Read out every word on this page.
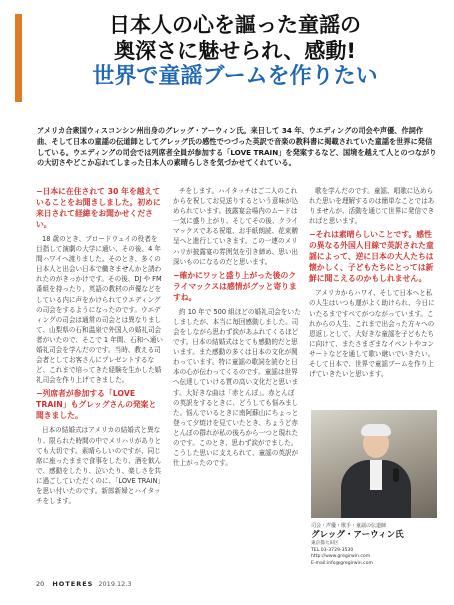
日本人の心を謳った童謡の
奥深さに魅せられ、感動!
世界で童謡ブームを作りたい
アメリカ合衆国ウィスコンシン州出身のグレッグ・アーウィン氏。来日して 34 年、ウエディングの司会や声優、作詞作曲、そして日本の童謡の伝道師としてグレッグ氏の感性でつづった英訳で音楽の教科書に掲載されていた童謡を世界に発信している。ウエディングの司会では列席者全員が参加する「LOVE TRAIN」を発案するなど、国境を越えて人とのつながりの大切さやどこか忘れてしまった日本人の素晴らしさを気づかせてくれている。
−日本に在住されて 30 年を越えていることをお聞きしました。初めに来日されて経緯をお聞かせください。

18 歳のとき、ブロードウェイの役者を目指して演劇の大学に通い、その後、4 年間ハワイへ渡りました。そのとき、多くの日本人と出会い日本で働きませんかと誘われたのがきっかけです。その後、DJ や FM 番組を持ったり、英語の教材の声優などをしている内に声をかけられてウエディングの司会をするようになったのです。ウエディングの司会は通常の司会とは異なりまして、山梨県の石和温泉で外国人の婚礼司会者がいたので、そこで 1 年間、石和へ通い婚礼司会を学んだのです。当時、教える司会者としてお客さんにプレゼントするなど、これまで培ってきた経験を生かした婚礼司会を作り上げてきました。

−列席者が参加する「LOVE TRAIN」もグレッグさんの発案と聞きました。

日本の結婚式はアメリカの結婚式と異なり、限られた時間の中でメリハリがありとても大切です。素晴らしいのですが、同じ席に座ったままで食事をしたり、酒を飲んで、感動をしたり、泣いたり、楽しさを共に過ごしていただくのに、「LOVE TRAIN」を思い付いたのです。新郎新婦とハイタッチをします。

チをします。ハイタッチはご二人のこれからを祝してお見送りするという意味が込められています。披露宴会場内のムードは一気に盛り上がり、そしてその後、クライマックスである祝電、お手紙朗読、花束贈呈へと進行していきます。この一連のメリハリが披露宴の雰囲気を引き締め、思い出深いものになるのだと思います。

−確かにワッと盛り上がった後のクライマックスは感情がグッと寄りますね。

約 10 年で 500 組ほどの婚礼司会をいたしましたが、本当に毎回感動しました。司会をしながら思わず涙があふれてくるほどです。日本の結婚式はとても感動的だと思います。また感動の多くは日本の文化が関わっています。特に童謡の歌詞を読むと日本の心が伝わってくるのです。童謡は世界へ伝達していける質の高い文化だと思います。大好きな曲は「赤とんぼ」。赤とんぼの英訳をするときに、どうしても悩みました。悩んでいるときに南阿蘇山にちょっと登って夕焼けを見ていたとき、ちょうど赤とんぼの群れが私の後ろから一つと現れたのです。このとき、思わず涙がでました。こうした思いに支えられて、童謡の英訳が仕上がったのです。

歌を学んだのです。童謡、唱歌に込められた思いを理解するのは簡単なことではありませんが、活動を通じて世界に発信できればと思います。

−それは素晴らしいことです。感性の異なる外国人目線で英訳された童謡によって、逆に日本の大人たちは懐かしく、子どもたちにとっては新鮮に聞こえるのかもしれません。

アメリカからハワイ、そして日本へと私の人生はいつも運がよく助けられ、今日にいたるまですべてがつながっています。これからの人生、これまで出会った方々への恩返しとして、大好きな童謡を子どもたちに向けて、またさまざまなイベントやコンサートなどを通して歌い継いでいきたい。そして日本で、世界で童謡ブームを作り上げていきたいと思います。

司会・声優・歌手・童謡の伝道師
グレッグ・アーウィン氏
東京都大田区
TEL.03-3729-3530
http://www.gregirwin.com
E-mail:info@gregirwin.com
20 HOTERES 2019.12.3
